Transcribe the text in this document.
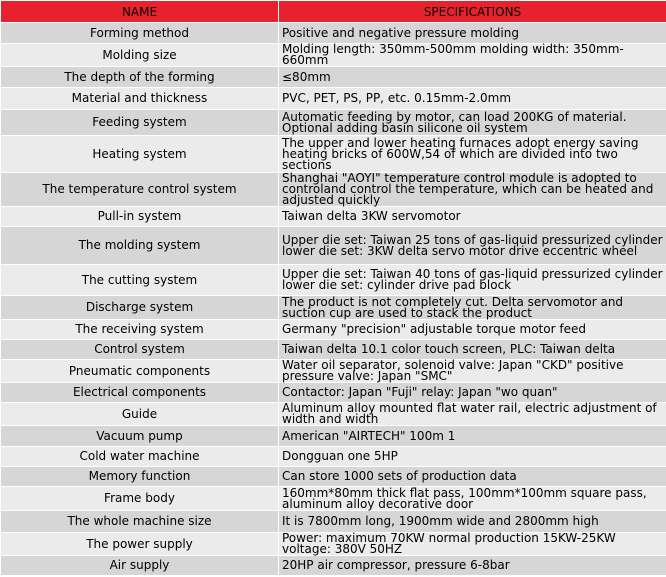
NAME	SPECIFICATIONS
Forming method	Positive and negative pressure molding
Molding size	Molding length: 350mm-500mm molding width: 350mm-660mm
The depth of the forming	≤80mm
Material and thickness	PVC, PET, PS, PP, etc. 0.15mm-2.0mm
Feeding system	Automatic feeding by motor, can load 200KG of material. Optional adding basin silicone oil system
Heating system	The upper and lower heating furnaces adopt energy saving heating bricks of 600W,54 of which are divided into two sections
The temperature control system	Shanghai "AOYI" temperature control module is adopted to controland control the temperature, which can be heated and adjusted quickly
Pull-in system	Taiwan delta 3KW servomotor
The molding system	Upper die set: Taiwan 25 tons of gas-liquid pressurized cylinder lower die set: 3KW delta servo motor drive eccentric wheel
The cutting system	Upper die set: Taiwan 40 tons of gas-liquid pressurized cylinder lower die set: cylinder drive pad block
Discharge system	The product is not completely cut. Delta servomotor and suction cup are used to stack the product
The receiving system	Germany "precision" adjustable torque motor feed
Control system	Taiwan delta 10.1 color touch screen, PLC: Taiwan delta
Pneumatic components	Water oil separator, solenoid valve: Japan "CKD" positive pressure valve: Japan "SMC"
Electrical components	Contactor: Japan "Fuji" relay: Japan "wo quan"
Guide	Aluminum alloy mounted flat water rail, electric adjustment of width and width
Vacuum pump	American "AIRTECH" 100m 1
Cold water machine	Dongguan one 5HP
Memory function	Can store 1000 sets of production data
Frame body	160mm*80mm thick flat pass, 100mm*100mm square pass, aluminum alloy decorative door
The whole machine size	It is 7800mm long, 1900mm wide and 2800mm high
The power supply	Power: maximum 70KW normal production 15KW-25KW voltage: 380V 50HZ
Air supply	20HP air compressor, pressure 6-8bar
